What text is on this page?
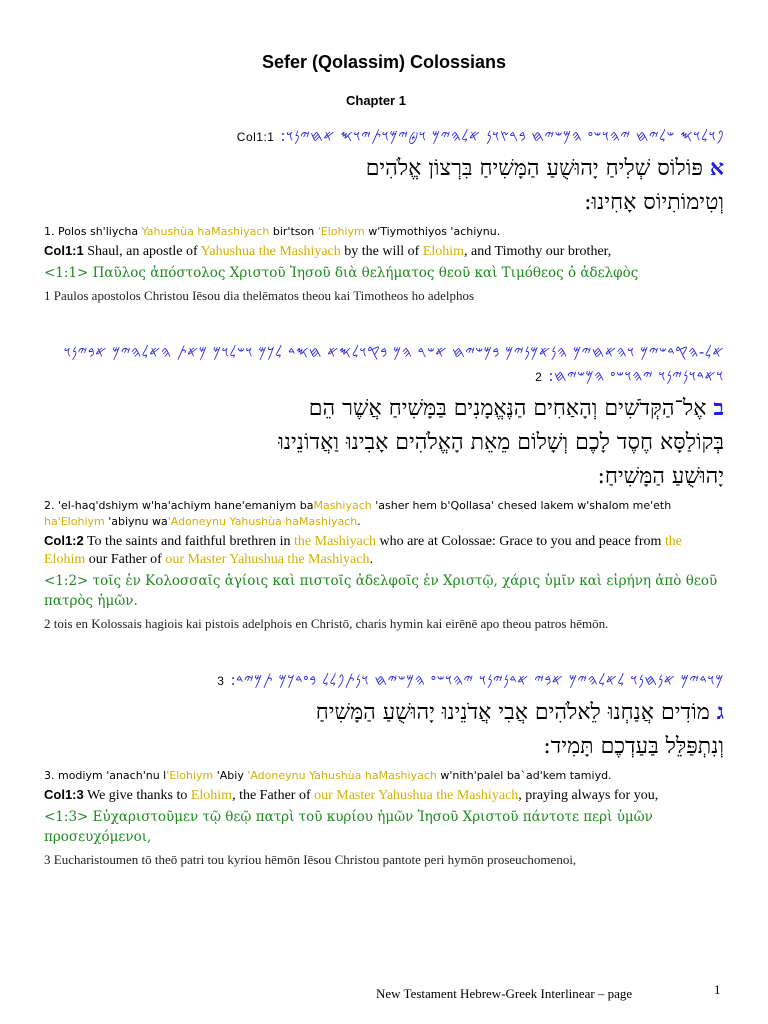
Sefer (Qolassim) Colossians
Chapter 1
𐤐𐤅𐤋𐤅𐤎 𐤔𐤋𐤉𐤇 𐤉𐤄𐤅𐤔𐤏 𐤄𐤌𐤔𐤉𐤇 𐤁𐤓𐤑𐤅𐤍 𐤀𐤋𐤄𐤉𐤌 𐤅𐤈𐤉𐤌𐤅𐤕𐤉𐤅𐤎 𐤀𐤇𐤉𐤍𐤅:Col1:1
א פּוֹלוֹס שְׁלִיחַ יָהוּשֻׁעַ הַמָּשִׁיחַ בִּרְצוֹן אֱלֹהִים
וְטִימוֹתִיוֹס אָחִינוּ:
1. Polos sh'liycha Yahushùa haMashiyach bir'tson 'Elohiym w'Tiymothiyos 'achiynu.
Col1:1 Shaul, an apostle of Yahushua the Mashiyach by the will of Elohim, and Timothy our brother,
<1:1> Παῦλος ἀπόστολος Χριστοῦ Ἰησοῦ διὰ θελήματος θεοῦ καὶ Τιμόθεος ὁ ἀδελφὸς
1 Paulos apostolos Christou Iēsou dia thelēmatos theou kai Timotheos ho adelphos
𐤀𐤋-𐤄𐤒𐤃𐤔𐤉𐤌 𐤅𐤄𐤀𐤇𐤉𐤌 𐤄𐤍𐤀𐤌𐤍𐤉𐤌 𐤁𐤌𐤔𐤉𐤇 𐤀𐤔𐤓 𐤄𐤌 𐤁𐤒𐤅𐤋𐤎𐤀 𐤇𐤎𐤃 𐤋𐤊𐤌 𐤅𐤔𐤋𐤅𐤌 𐤌𐤀𐤕 𐤄𐤀𐤋𐤄𐤉𐤌 𐤀𐤁𐤉𐤍𐤅 𐤅𐤀𐤃𐤅𐤍𐤉𐤍𐤅 𐤉𐤄𐤅𐤔𐤏 𐤄𐤌𐤔𐤉𐤇:2
ב אֶל־הַקְּדֹשִׁים וְהָאַחִים הַנֶּאֱמָנִים בַּמָּשִׁיחַ אֲשֶׁר הֵם
בְּקוֹלַסָּא חֶסֶד לָכֶם וְשָׁלוֹם מֵאֵת הָאֱלֹהִים אָבִינוּ וַאֲדוֹנֵינוּ
יָהוּשֻׁעַ הַמָּשִׁיחַ:
2. 'el-haq'dshiym w'ha'achiym hane'emaniym baMashiyach 'asher hem b'Qollasa' chesed lakem w'shalom me'eth ha'Elohiym 'abiynu wa'Adoneynu Yahushùa haMashiyach.
Col1:2 To the saints and faithful brethren in the Mashiyach who are at Colossae: Grace to you and peace from the Elohim our Father of our Master Yahushua the Mashiyach.
<1:2> τοῖς ἐν Κολοσσαῖς ἁγίοις καὶ πιστοῖς ἀδελφοῖς ἐν Χριστῷ, χάρις ὑμῖν καὶ εἰρήνη ἀπὸ θεοῦ πατρὸς ἡμῶν.
2 tois en Kolossais hagiois kai pistois adelphois en Christō, charis hymin kai eirēnē apo theou patros hēmōn.
𐤌𐤅𐤃𐤉𐤌 𐤀𐤍𐤇𐤍𐤅 𐤋𐤀𐤋𐤄𐤉𐤌 𐤀𐤁𐤉 𐤀𐤃𐤍𐤉𐤍𐤅 𐤉𐤄𐤅𐤔𐤏 𐤄𐤌𐤔𐤉𐤇 𐤅𐤍𐤕𐤐𐤋𐤋 𐤁𐤏𐤃𐤊𐤌 𐤕𐤌𐤉𐤃:3
ג מוֹדִים אֲנַחְנוּ לֵאלֹהִים אֲבִי אֲדֹנֵינוּ יָהוּשֻׁעַ הַמָּשִׁיחַ
וְנִתְפַּלֵּל בַּעַדְכֶם תָּמִיד:
3. modiym 'anach'nu l'Elohiym 'Abiy 'Adoneynu Yahushùa haMashiyach w'nith'palel ba`ad'kem tamiyd.
Col1:3 We give thanks to Elohim, the Father of our Master Yahushua the Mashiyach, praying always for you,
<1:3> Εὐχαριστοῦμεν τῷ θεῷ πατρὶ τοῦ κυρίου ἡμῶν Ἰησοῦ Χριστοῦ πάντοτε περὶ ὑμῶν προσευχόμενοι,
3 Eucharistoumen tō theō patri tou kyriou hēmōn Iēsou Christou pantote peri hymōn proseuchomenoi,
New Testament Hebrew-Greek Interlinear – page	1
